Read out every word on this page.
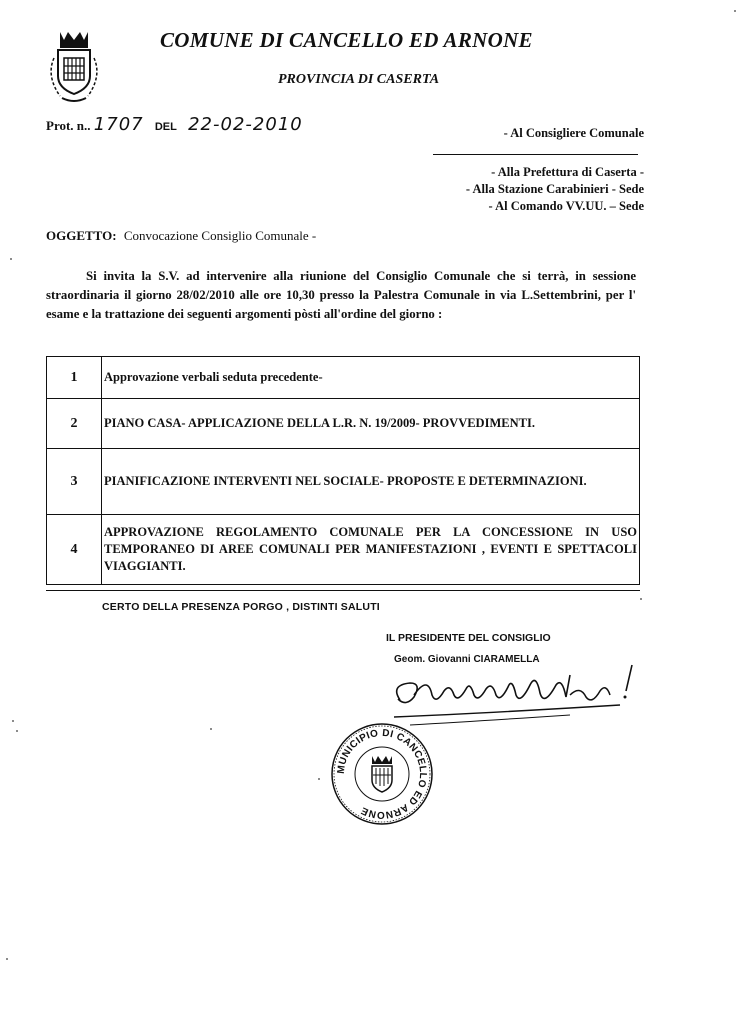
COMUNE DI CANCELLO ED ARNONE
PROVINCIA DI CASERTA
Prot. n.. 1707 DEL 22-02-2010	- Al Consigliere Comunale
- Alla Prefettura di Caserta -
- Alla Stazione Carabinieri - Sede
- Al Comando VV.UU. – Sede
OGGETTO: Convocazione Consiglio Comunale -
Si invita la S.V. ad intervenire alla riunione del Consiglio Comunale che si terrà, in sessione straordinaria il giorno 28/02/2010 alle ore 10,30 presso la Palestra Comunale in via L.Settembrini, per l' esame e la trattazione dei seguenti argomenti pòsti all'ordine del giorno :
1	Approvazione verbali seduta precedente-
2	PIANO CASA- APPLICAZIONE DELLA L.R. N. 19/2009- PROVVEDIMENTI.
3	PIANIFICAZIONE INTERVENTI NEL SOCIALE- PROPOSTE E DETERMINAZIONI.
4	APPROVAZIONE REGOLAMENTO COMUNALE PER LA CONCESSIONE IN USO TEMPORANEO DI AREE COMUNALI PER MANIFESTAZIONI , EVENTI E SPETTACOLI VIAGGIANTI.
CERTO DELLA PRESENZA PORGO , DISTINTI SALUTI
IL PRESIDENTE DEL CONSIGLIO
Geom. Giovanni CIARAMELLA
MUNICIPIO DI CANCELLO ED ARNONE
